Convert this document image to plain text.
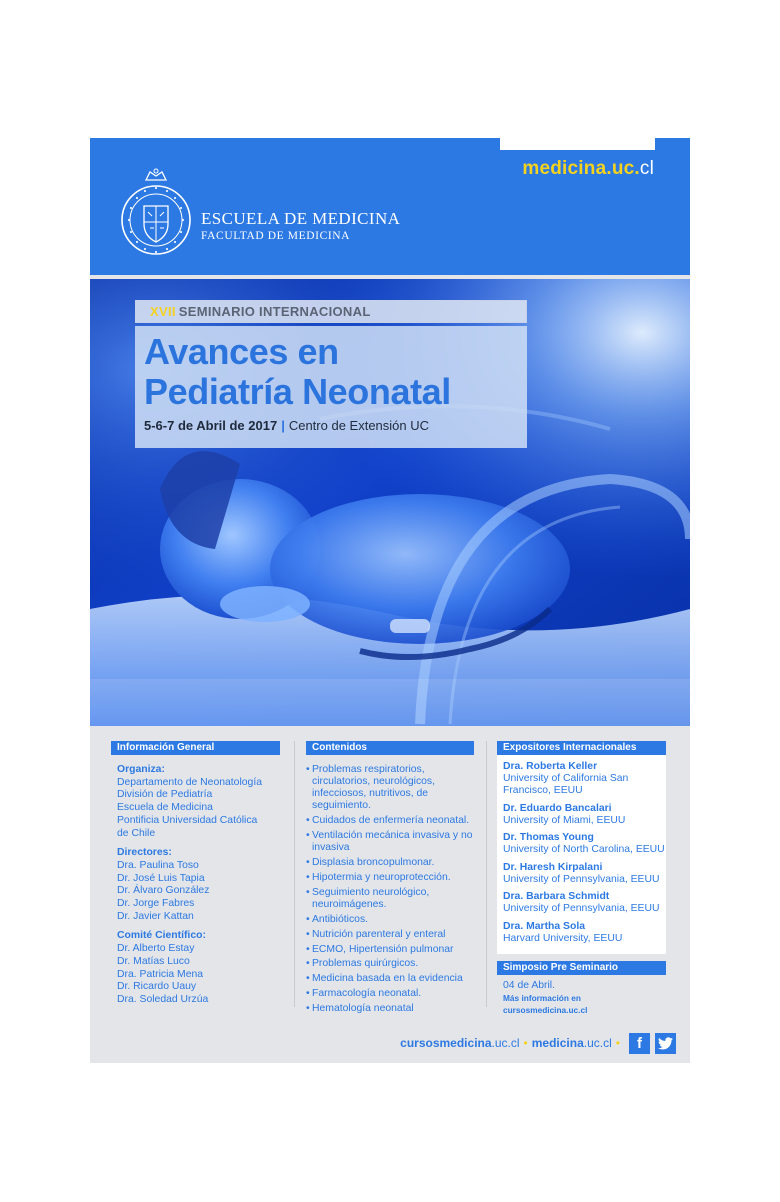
medicina.uc.cl
ESCUELA DE MEDICINA
FACULTAD DE MEDICINA
XVII SEMINARIO INTERNACIONAL
Avances en
Pediatría Neonatal
5-6-7 de Abril de 2017 | Centro de Extensión UC
Información General
Organiza:
Departamento de Neonatología
División de Pediatría
Escuela de Medicina
Pontificia Universidad Católica
de Chile
Directores:
Dra. Paulina Toso
Dr. José Luis Tapia
Dr. Álvaro González
Dr. Jorge Fabres
Dr. Javier Kattan
Comité Científico:
Dr. Alberto Estay
Dr. Matías Luco
Dra. Patricia Mena
Dr. Ricardo Uauy
Dra. Soledad Urzúa
Contenidos
• Problemas respiratorios, circulatorios, neurológicos, infecciosos, nutritivos, de seguimiento.
• Cuidados de enfermería neonatal.
• Ventilación mecánica invasiva y no invasiva
• Displasia broncopulmonar.
• Hipotermia y neuroprotección.
• Seguimiento neurológico, neuroimágenes.
• Antibióticos.
• Nutrición parenteral y enteral
• ECMO, Hipertensión pulmonar
• Problemas quirúrgicos.
• Medicina basada en la evidencia
• Farmacología neonatal.
• Hematología neonatal
Expositores Internacionales
Dra. Roberta Keller
University of California San Francisco, EEUU
Dr. Eduardo Bancalari
University of Miami, EEUU
Dr. Thomas Young
University of North Carolina, EEUU
Dr. Haresh Kirpalani
University of Pennsylvania, EEUU
Dra. Barbara Schmidt
University of Pennsylvania, EEUU
Dra. Martha Sola
Harvard University, EEUU
Simposio Pre Seminario
04 de Abril.
Más información en cursosmedicina.uc.cl
cursosmedicina.uc.cl • medicina.uc.cl • f
